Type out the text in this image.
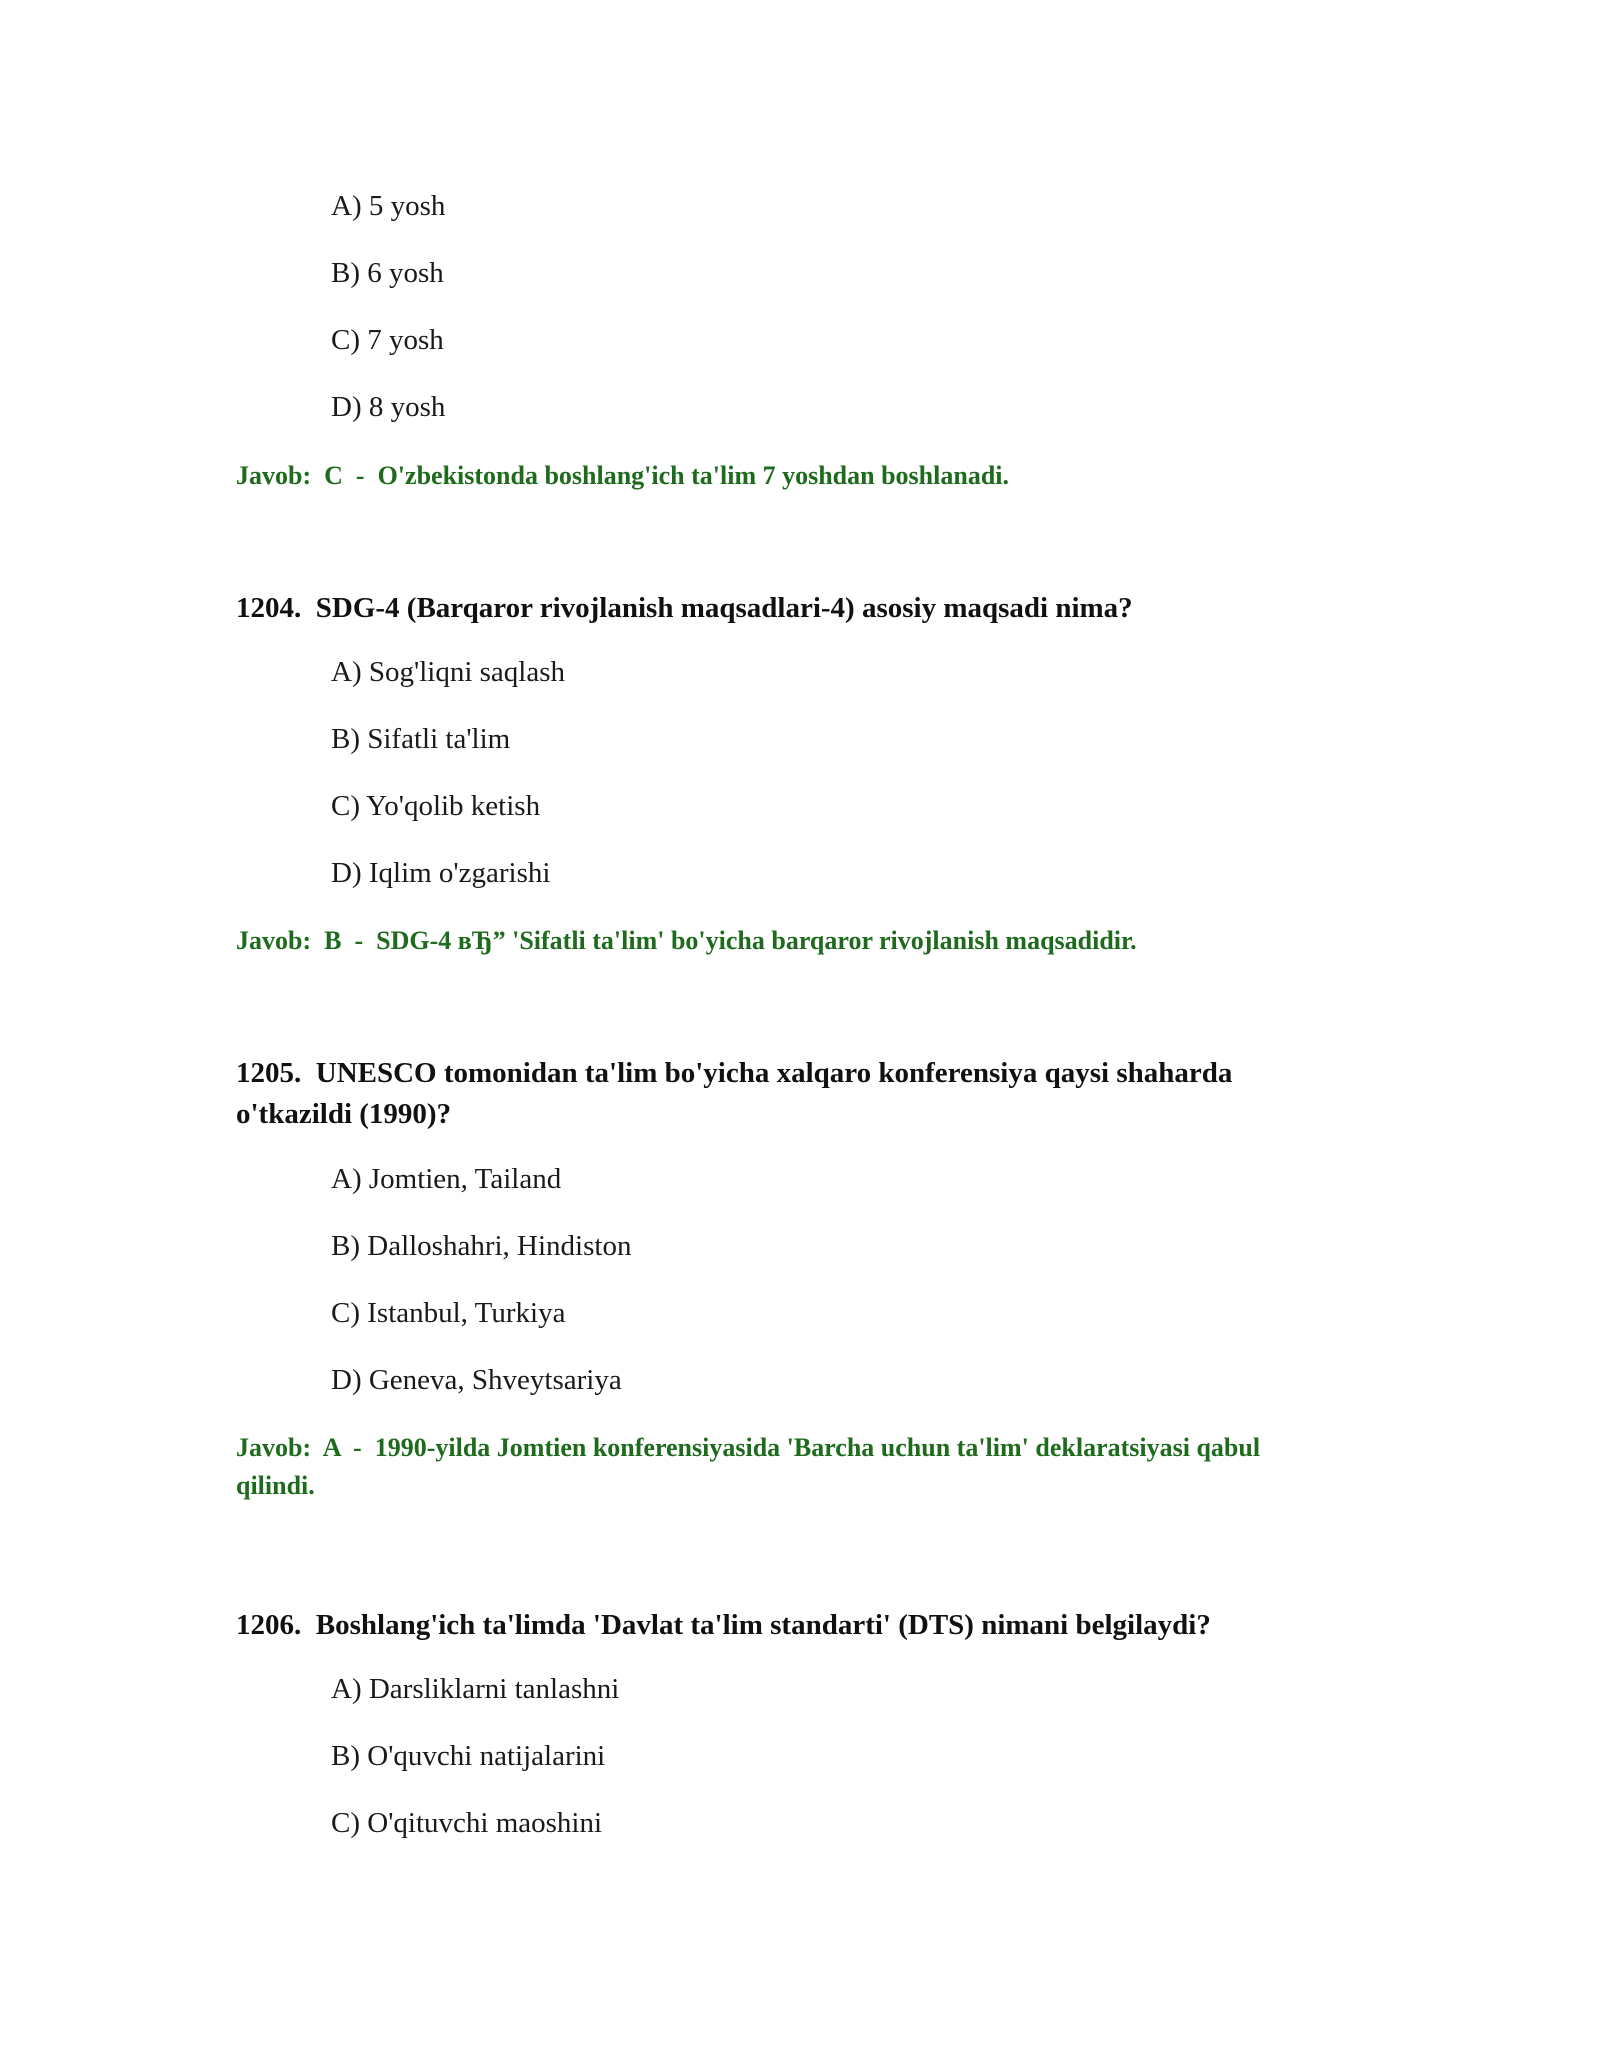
A) 5 yosh
B) 6 yosh
C) 7 yosh
D) 8 yosh
Javob: C - O'zbekistonda boshlang'ich ta'lim 7 yoshdan boshlanadi.
1204. SDG-4 (Barqaror rivojlanish maqsadlari-4) asosiy maqsadi nima?
A) Sog'liqni saqlash
B) Sifatli ta'lim
C) Yo'qolib ketish
D) Iqlim o'zgarishi
Javob: B - SDG-4 вЂ” 'Sifatli ta'lim' bo'yicha barqaror rivojlanish maqsadidir.
1205. UNESCO tomonidan ta'lim bo'yicha xalqaro konferensiya qaysi shaharda o'tkazildi (1990)?
A) Jomtien, Tailand
B) Dalloshahri, Hindiston
C) Istanbul, Turkiya
D) Geneva, Shveytsariya
Javob: A - 1990-yilda Jomtien konferensiyasida 'Barcha uchun ta'lim' deklaratsiyasi qabul qilindi.
1206. Boshlang'ich ta'limda 'Davlat ta'lim standarti' (DTS) nimani belgilaydi?
A) Darsliklarni tanlashni
B) O'quvchi natijalarini
C) O'qituvchi maoshini
